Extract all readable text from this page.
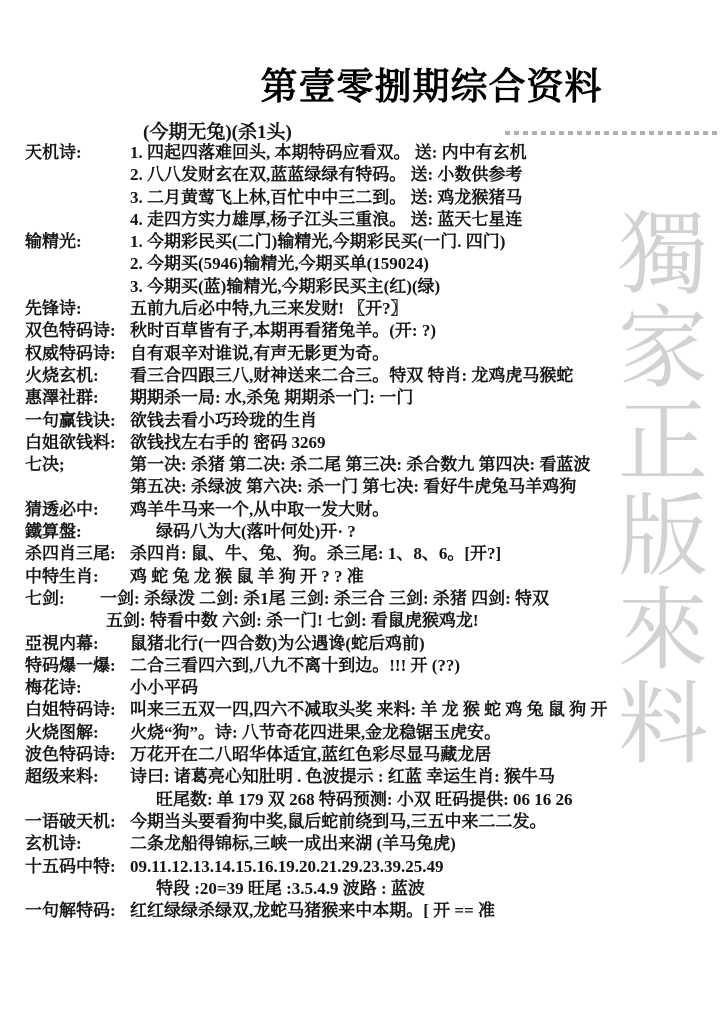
第壹零捌期综合资料
(今期无兔)(杀1头)
獨家正版來料
天机诗:	1. 四起四落难回头, 本期特码应看双。 送: 内中有玄机
2. 八八发财玄在双,蓝蓝绿绿有特码。 送: 小数供参考
3. 二月黄莺飞上林,百忙中中三二到。 送: 鸡龙猴猪马
4. 走四方实力雄厚,杨子江头三重浪。 送: 蓝天七星连
输精光:	1. 今期彩民买(二门)输精光,今期彩民买(一门. 四门)
2. 今期买(5946)输精光,今期买单(159024)
3. 今期买(蓝)输精光,今期彩民买主(红)(绿)
先锋诗:	五前九后必中特,九三来发财! 〖开?〗
双色特码诗: 秋时百草皆有子,本期再看猪兔羊。(开: ?)
权威特码诗: 自有艰辛对谁说,有声无影更为奇。
火烧玄机:	看三合四跟三八,财神送来二合三。特双 特肖: 龙鸡虎马猴蛇
惠澤社群:	期期杀一局: 水,杀兔 期期杀一门: 一门
一句赢钱诀: 欲钱去看小巧玲珑的生肖
白姐欲钱料: 欲钱找左右手的 密码 3269
七决;	第一决: 杀猪 第二决: 杀二尾 第三决: 杀合数九 第四决: 看蓝波
第五决: 杀绿波 第六决: 杀一门 第七决: 看好牛虎兔马羊鸡狗
猜透必中:	鸡羊牛马来一个,从中取一发大财。
鐵算盤:	绿码八为大(落叶何处)开· ?
杀四肖三尾: 杀四肖: 鼠、牛、兔、狗。杀三尾: 1、8、6。[开?]
中特生肖:	鸡 蛇 兔 龙 猴 鼠 羊 狗 开 ? ? 准
七剑:	一剑: 杀绿泼 二剑: 杀1尾 三剑: 杀三合 三剑: 杀猪 四剑: 特双
五剑: 特看中数 六剑: 杀一门! 七剑: 看鼠虎猴鸡龙!
亞視内幕:	鼠猪北行(一四合数)为公遇谗(蛇后鸡前)
特码爆一爆: 二合三看四六到,八九不离十到边。!!! 开 (??)
梅花诗:	小小平码
白姐特码诗: 叫来三五双一四,四六不减取头奖 来料: 羊 龙 猴 蛇 鸡 兔 鼠 狗 开
火烧图解:	火烧“狗”。诗: 八节奇花四进果,金龙稳锯玉虎安。
波色特码诗: 万花开在二八昭华体适宜,蓝红色彩尽显马藏龙居
超级来料:	诗曰: 诸葛亮心知肚明 . 色波提示 : 红蓝 幸运生肖: 猴牛马
旺尾数: 单 179 双 268 特码预测: 小双 旺码提供: 06 16 26
一语破天机: 今期当头要看狗中奖,鼠后蛇前绕到马,三五中来二二发。
玄机诗:	二条龙船得锦标,三峡一成出来湖 (羊马兔虎)
十五码中特: 09.11.12.13.14.15.16.19.20.21.29.23.39.25.49
特段 :20=39 旺尾 :3.5.4.9 波路 : 蓝波
一句解特码: 红红绿绿杀绿双,龙蛇马猪猴来中本期。[ 开 == 准
